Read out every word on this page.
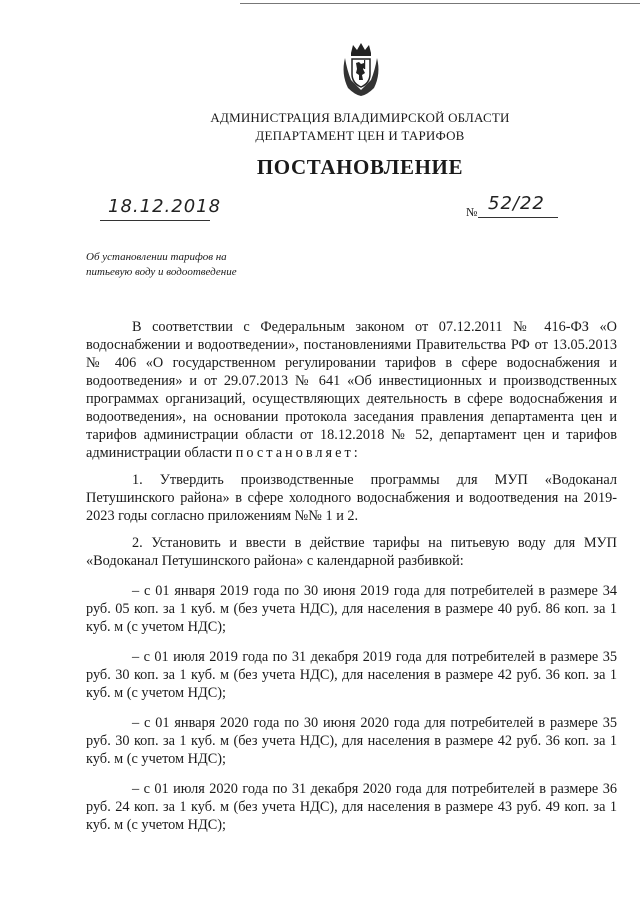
АДМИНИСТРАЦИЯ ВЛАДИМИРСКОЙ ОБЛАСТИ
ДЕПАРТАМЕНТ ЦЕН И ТАРИФОВ
ПОСТАНОВЛЕНИЕ
18.12.2018	№ 52/22
Об установлении тарифов на
питьевую воду и водоотведение

В соответствии с Федеральным законом от 07.12.2011 № 416-ФЗ «О водоснабжении и водоотведении», постановлениями Правительства РФ от 13.05.2013 № 406 «О государственном регулировании тарифов в сфере водоснабжения и водоотведения» и от 29.07.2013 № 641 «Об инвестиционных и производственных программах организаций, осуществляющих деятельность в сфере водоснабжения и водоотведения», на основании протокола заседания правления департамента цен и тарифов администрации области от 18.12.2018 № 52, департамент цен и тарифов администрации области постановляет:

1. Утвердить производственные программы для МУП «Водоканал Петушинского района» в сфере холодного водоснабжения и водоотведения на 2019- 2023 годы согласно приложениям №№ 1 и 2.

2. Установить и ввести в действие тарифы на питьевую воду для МУП «Водоканал Петушинского района» с календарной разбивкой:

– с 01 января 2019 года по 30 июня 2019 года для потребителей в размере 34 руб. 05 коп. за 1 куб. м (без учета НДС), для населения в размере 40 руб. 86 коп. за 1 куб. м (с учетом НДС);

– с 01 июля 2019 года по 31 декабря 2019 года для потребителей в размере 35 руб. 30 коп. за 1 куб. м (без учета НДС), для населения в размере 42 руб. 36 коп. за 1 куб. м (с учетом НДС);

– с 01 января 2020 года по 30 июня 2020 года для потребителей в размере 35 руб. 30 коп. за 1 куб. м (без учета НДС), для населения в размере 42 руб. 36 коп. за 1 куб. м (с учетом НДС);

– с 01 июля 2020 года по 31 декабря 2020 года для потребителей в размере 36 руб. 24 коп. за 1 куб. м (без учета НДС), для населения в размере 43 руб. 49 коп. за 1 куб. м (с учетом НДС);
